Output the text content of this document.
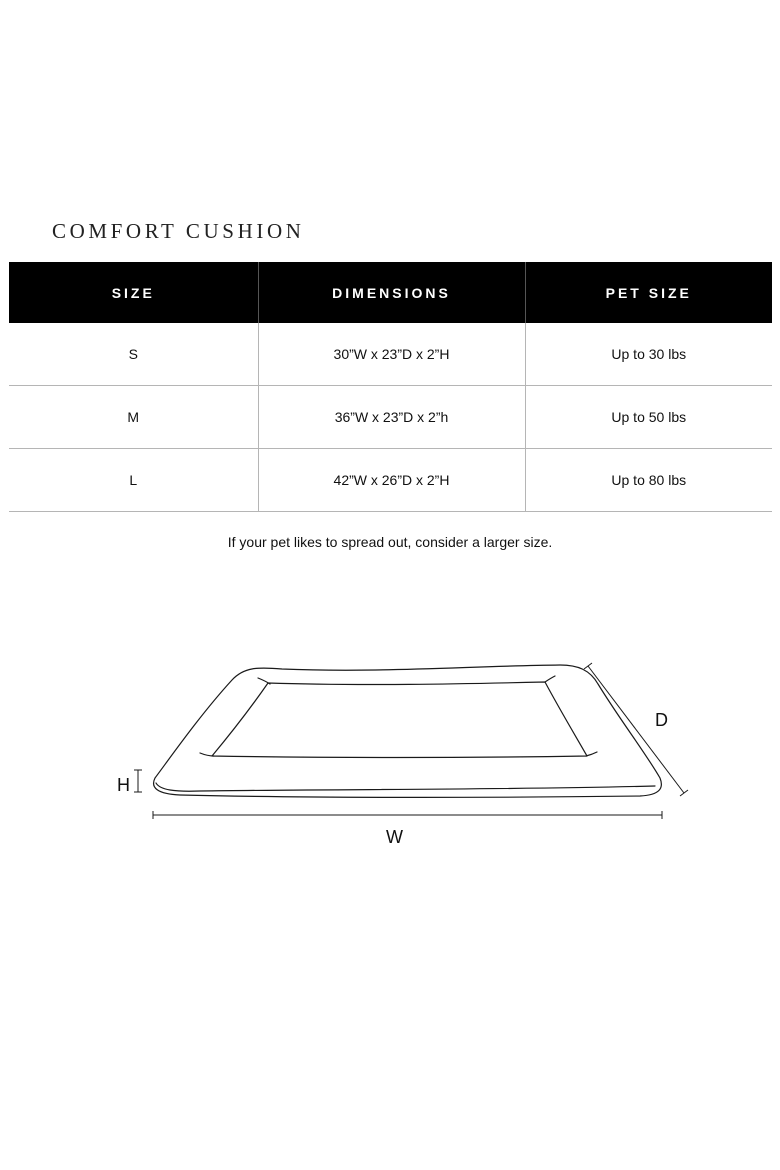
COMFORT CUSHION
SIZE	DIMENSIONS	PET SIZE
S	30”W x 23”D x 2”H	Up to 30 lbs
M	36”W x 23”D x 2”h	Up to 50 lbs
L	42”W x 26”D x 2”H	Up to 80 lbs
If your pet likes to spread out, consider a larger size.
H
D
W
